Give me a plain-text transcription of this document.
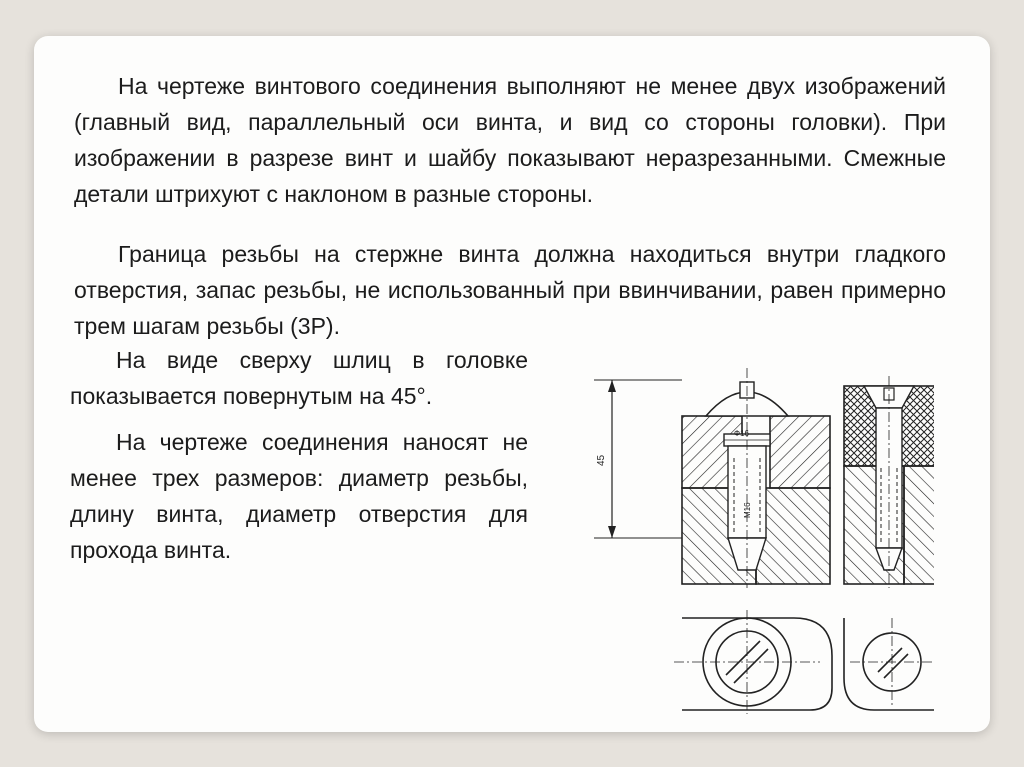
На чертеже винтового соединения выполняют не менее двух изображений (главный вид, параллельный оси винта, и вид со стороны головки). При изображении в разрезе винт и шайбу показывают неразрезанными. Смежные детали штрихуют с наклоном в разные стороны.

Граница резьбы на стержне винта должна находиться внутри гладкого отверстия, запас резьбы, не использованный при ввинчивании, равен примерно трем шагам резьбы (3Р).

На виде сверху шлиц в головке показывается повернутым на 45°.

На чертеже соединения наносят не менее трех размеров: диаметр резьбы, длину винта, диаметр отверстия для прохода винта.

45
Ф16
М16
